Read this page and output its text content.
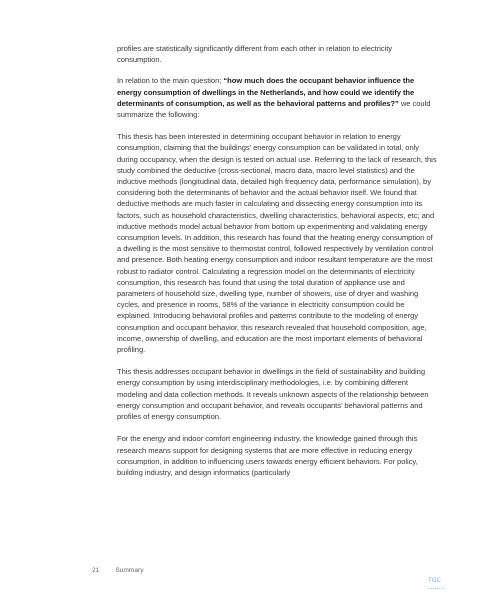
profiles are statistically significantly different from each other in relation to electricity consumption.

In relation to the main question; “how much does the occupant behavior influence the energy consumption of dwellings in the Netherlands, and how could we identify the determinants of consumption, as well as the behavioral patterns and profiles?” we could summarize the following:

This thesis has been interested in determining occupant behavior in relation to energy consumption, claiming that the buildings’ energy consumption can be validated in total, only during occupancy, when the design is tested on actual use. Referring to the lack of research, this study combined the deductive (cross-sectional, macro data, macro level statistics) and the inductive methods (longitudinal data, detailed high frequency data, performance simulation), by considering both the determinants of behavior and the actual behavior itself. We found that deductive methods are much faster in calculating and dissecting energy consumption into its factors, such as household characteristics, dwelling characteristics, behavioral aspects, etc; and inductive methods model actual behavior from bottom up experimenting and validating energy consumption levels. In addition, this research has found that the heating energy consumption of a dwelling is the most sensitive to thermostat control, followed respectively by ventilation control and presence. Both heating energy consumption and indoor resultant temperature are the most robust to radiator control. Calculating a regression model on the determinants of electricity consumption, this research has found that using the total duration of appliance use and parameters of household size, dwelling type, number of showers, use of dryer and washing cycles, and presence in rooms, 58% of the variance in electricity consumption could be explained. Introducing behavioral profiles and patterns contribute to the modeling of energy consumption and occupant behavior, this research revealed that household composition, age, income, ownership of dwelling, and education are the most important elements of behavioral profiling.

This thesis addresses occupant behavior in dwellings in the field of sustainability and building energy consumption by using interdisciplinary methodologies, i.e. by combining different modeling and data collection methods. It reveals unknown aspects of the relationship between energy consumption and occupant behavior, and reveals occupants’ behavioral patterns and profiles of energy consumption.

For the energy and indoor comfort engineering industry, the knowledge gained through this research means support for designing systems that are more effective in reducing energy consumption, in addition to influencing users towards energy efficient behaviors. For policy, building industry, and design informatics (particularly

21 Summary
TOC
